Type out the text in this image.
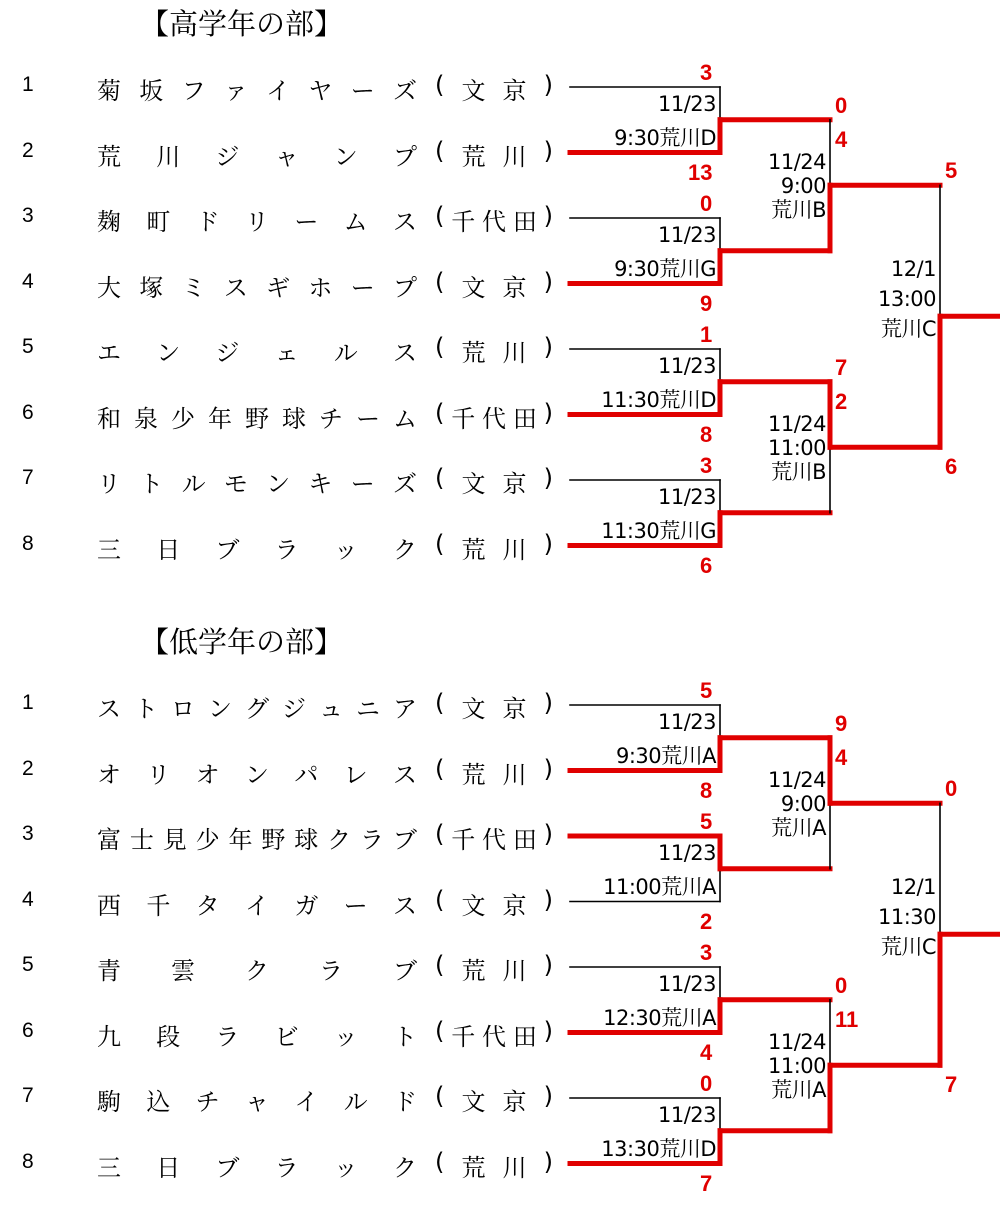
【高学年の部】
1	菊 坂 フ ァ イ ヤ ー ズ ( 文 京 )
2	荒 川 ジ ャ ン プ ( 荒 川 )
3	麹 町 ド リ ー ム ス ( 千 代 田 )
4	大 塚 ミ ス ギ ホ ー プ ( 文 京 )
5	エ ン ジ ェ ル ス ( 荒 川 )
6	和 泉 少 年 野 球 チ ー ム ( 千 代 田 )
7	リ ト ル モ ン キ ー ズ ( 文 京 )
8	三 日 ブ ラ ッ ク ( 荒 川 )
11/23
9:30荒川D
3
13
11/23
9:30荒川G
0
9
11/23
11:30荒川D
1
8
11/23
11:30荒川G
3
6
11/24
9:00
荒川B
0
4
11/24
11:00
荒川B
7
2
12/1
13:00
荒川C
5
6
【低学年の部】
1	ス ト ロ ン グ ジ ュ ニ ア ( 文 京 )
2	オ リ オ ン パ レ ス ( 荒 川 )
3	富 士 見 少 年 野 球 ク ラ ブ ( 千 代 田 )
4	西 千 タ イ ガ ー ス ( 文 京 )
5	青 雲 ク ラ ブ ( 荒 川 )
6	九 段 ラ ビ ッ ト ( 千 代 田 )
7	駒 込 チ ャ イ ル ド ( 文 京 )
8	三 日 ブ ラ ッ ク ( 荒 川 )
11/23
9:30荒川A
5
8
11/23
11:00荒川A
5
2
11/23
12:30荒川A
3
4
11/23
13:30荒川D
0
7
11/24
9:00
荒川A
9
4
11/24
11:00
荒川A
0
11
12/1
11:30
荒川C
0
7
